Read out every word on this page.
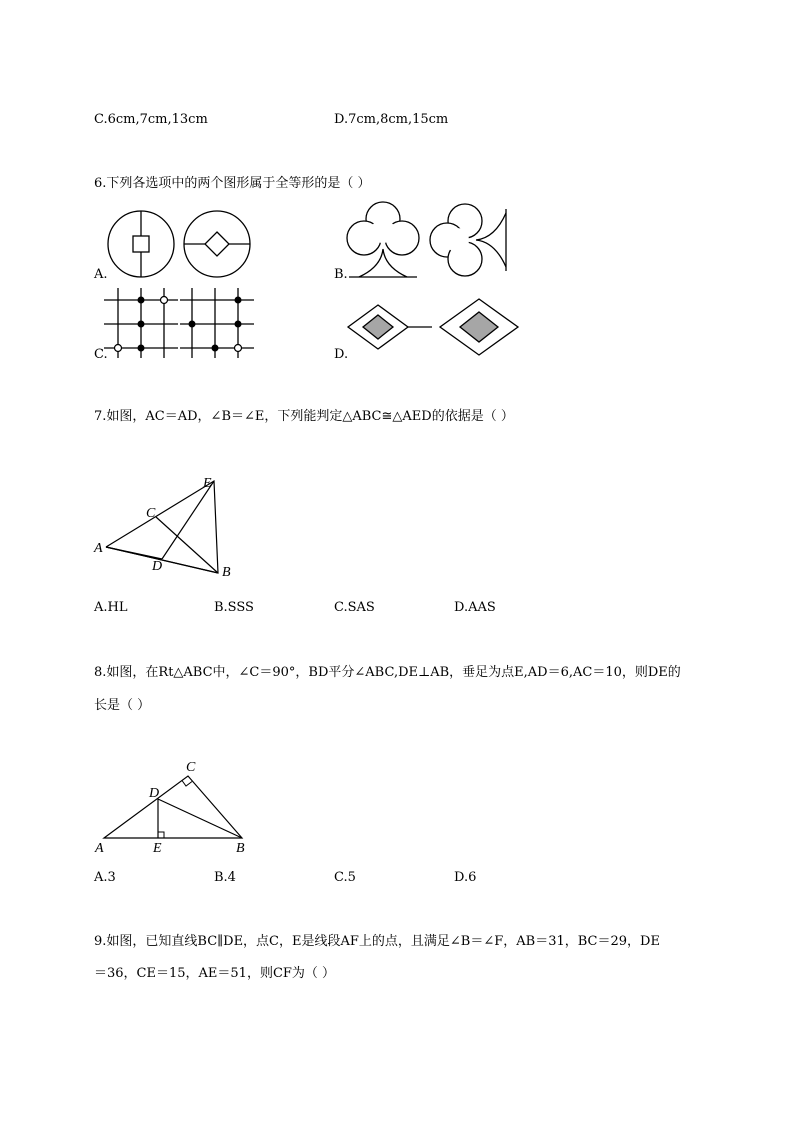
C.6cm,7cm,13cm	D.7cm,8cm,15cm
6.下列各选项中的两个图形属于全等形的是（ ）
A.	B.
C.	D.
7.如图，AC＝AD，∠B＝∠E，下列能判定△ABC≅△AED的依据是（ ）
A
B
C
D
E
A.HL	B.SSS	C.SAS	D.AAS
8.如图，在Rt△ABC中，∠C＝90°，BD平分∠ABC,DE⊥AB，垂足为点E,AD＝6,AC＝10，则DE的
长是（ ）
A	B
C
D
E
A.3	B.4	C.5	D.6
9.如图，已知直线BC∥DE，点C，E是线段AF上的点，且满足∠B＝∠F，AB＝31，BC＝29，DE
＝36，CE＝15，AE＝51，则CF为（ ）
